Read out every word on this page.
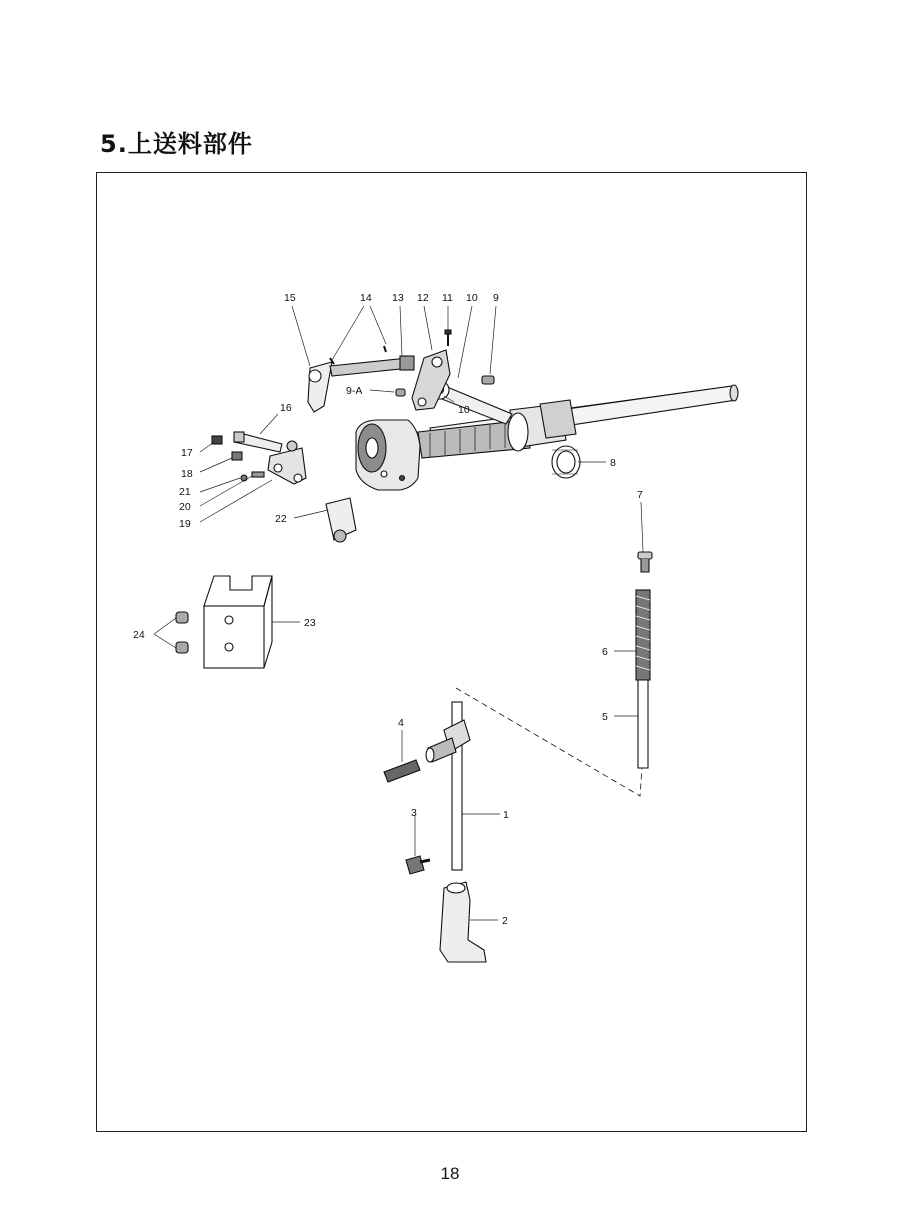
5.上送料部件
15	14 13 12 11 10 9
9-A
10
8
16
17
18
21
20
19	22
24
23
7
6
5
4
1
3
2
18
